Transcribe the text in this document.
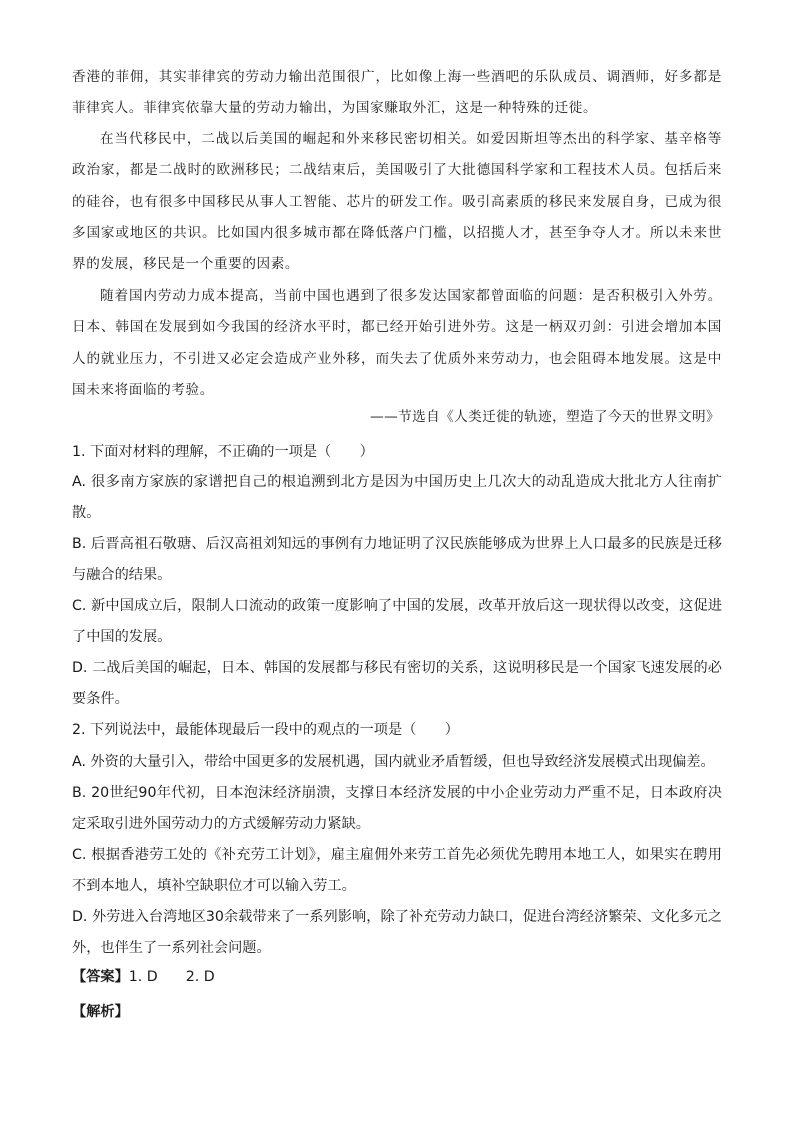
香港的菲佣，其实菲律宾的劳动力输出范围很广，比如像上海一些酒吧的乐队成员、调酒师，好多都是菲律宾人。菲律宾依靠大量的劳动力输出，为国家赚取外汇，这是一种特殊的迁徙。

在当代移民中，二战以后美国的崛起和外来移民密切相关。如爱因斯坦等杰出的科学家、基辛格等政治家，都是二战时的欧洲移民；二战结束后，美国吸引了大批德国科学家和工程技术人员。包括后来的硅谷，也有很多中国移民从事人工智能、芯片的研发工作。吸引高素质的移民来发展自身，已成为很多国家或地区的共识。比如国内很多城市都在降低落户门槛，以招揽人才，甚至争夺人才。所以未来世界的发展，移民是一个重要的因素。

随着国内劳动力成本提高，当前中国也遇到了很多发达国家都曾面临的问题：是否积极引入外劳。日本、韩国在发展到如今我国的经济水平时，都已经开始引进外劳。这是一柄双刃剑：引进会增加本国人的就业压力，不引进又必定会造成产业外移，而失去了优质外来劳动力，也会阻碍本地发展。这是中国未来将面临的考验。

——节选自《人类迁徙的轨迹，塑造了今天的世界文明》

1. 下面对材料的理解，不正确的一项是（　　）

A. 很多南方家族的家谱把自己的根追溯到北方是因为中国历史上几次大的动乱造成大批北方人往南扩散。

B. 后晋高祖石敬瑭、后汉高祖刘知远的事例有力地证明了汉民族能够成为世界上人口最多的民族是迁移与融合的结果。

C. 新中国成立后，限制人口流动的政策一度影响了中国的发展，改革开放后这一现状得以改变，这促进了中国的发展。

D. 二战后美国的崛起，日本、韩国的发展都与移民有密切的关系，这说明移民是一个国家飞速发展的必要条件。

2. 下列说法中，最能体现最后一段中的观点的一项是（　　）

A. 外资的大量引入，带给中国更多的发展机遇，国内就业矛盾暂缓，但也导致经济发展模式出现偏差。

B. 20世纪90年代初，日本泡沫经济崩溃，支撑日本经济发展的中小企业劳动力严重不足，日本政府决定采取引进外国劳动力的方式缓解劳动力紧缺。

C. 根据香港劳工处的《补充劳工计划》，雇主雇佣外来劳工首先必须优先聘用本地工人，如果实在聘用不到本地人，填补空缺职位才可以输入劳工。

D. 外劳进入台湾地区30余载带来了一系列影响，除了补充劳动力缺口，促进台湾经济繁荣、文化多元之外，也伴生了一系列社会问题。

【答案】1. D 2. D

【解析】
